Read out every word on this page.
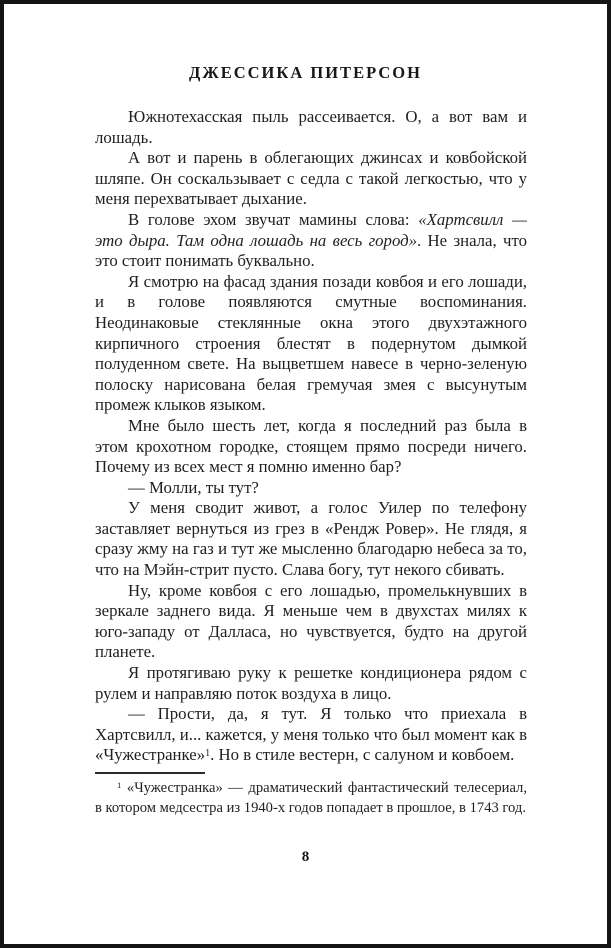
ДЖЕССИКА ПИТЕРСОН

Южнотехасская пыль рассеивается. О, а вот вам и лошадь.

А вот и парень в облегающих джинсах и ковбойской шляпе. Он соскальзывает с седла с такой легкостью, что у меня перехватывает дыхание.

В голове эхом звучат мамины слова: «Хартсвилл — это дыра. Там одна лошадь на весь город». Не знала, что это стоит понимать буквально.

Я смотрю на фасад здания позади ковбоя и его лошади, и в голове появляются смутные воспоминания. Неодинаковые стеклянные окна этого двухэтажного кирпичного строения блестят в подернутом дымкой полуденном свете. На выцветшем навесе в черно-зеленую полоску нарисована белая гремучая змея с высунутым промеж клыков языком.

Мне было шесть лет, когда я последний раз была в этом крохотном городке, стоящем прямо посреди ничего. Почему из всех мест я помню именно бар?

— Молли, ты тут?

У меня сводит живот, а голос Уилер по телефону заставляет вернуться из грез в «Рендж Ровер». Не глядя, я сразу жму на газ и тут же мысленно благодарю небеса за то, что на Мэйн-стрит пусто. Слава богу, тут некого сбивать.

Ну, кроме ковбоя с его лошадью, промелькнувших в зеркале заднего вида. Я меньше чем в двухстах милях к юго-западу от Далласа, но чувствуется, будто на другой планете.

Я протягиваю руку к решетке кондиционера рядом с рулем и направляю поток воздуха в лицо.

— Прости, да, я тут. Я только что приехала в Хартсвилл, и... кажется, у меня только что был момент как в «Чужестранке»$^1$. Но в стиле вестерн, с салуном и ковбоем.

$^1$ «Чужестранка» — драматический фантастический телесериал, в котором медсестра из 1940-х годов попадает в прошлое, в 1743 год.
8
